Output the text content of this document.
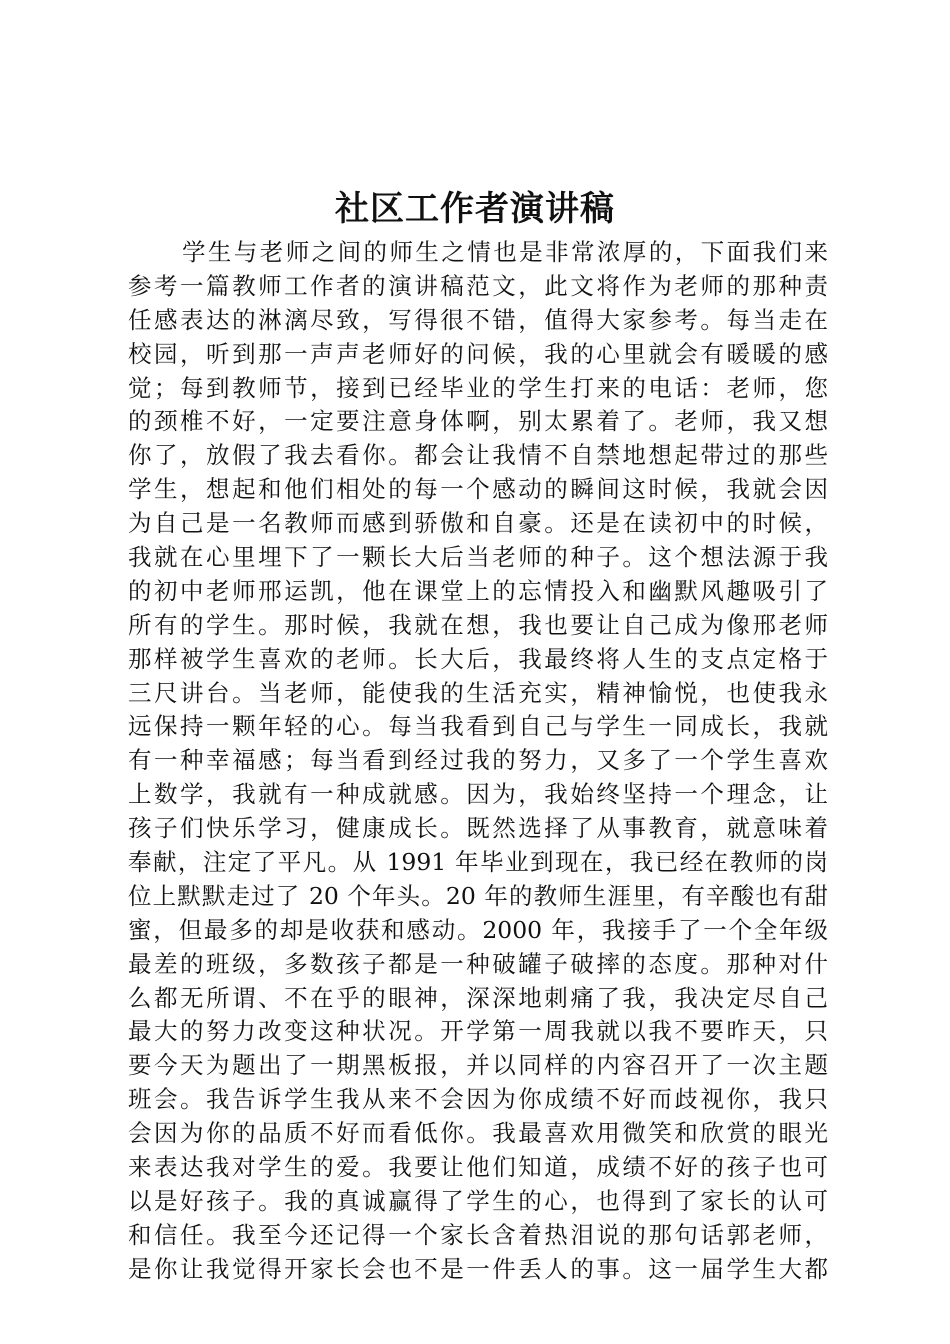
社区工作者演讲稿
学生与老师之间的师生之情也是非常浓厚的，下面我们来
参考一篇教师工作者的演讲稿范文，此文将作为老师的那种责
任感表达的淋漓尽致，写得很不错，值得大家参考。每当走在
校园，听到那一声声老师好的问候，我的心里就会有暖暖的感
觉；每到教师节，接到已经毕业的学生打来的电话：老师，您
的颈椎不好，一定要注意身体啊，别太累着了。老师，我又想
你了，放假了我去看你。都会让我情不自禁地想起带过的那些
学生，想起和他们相处的每一个感动的瞬间这时候，我就会因
为自己是一名教师而感到骄傲和自豪。还是在读初中的时候，
我就在心里埋下了一颗长大后当老师的种子。这个想法源于我
的初中老师邢运凯，他在课堂上的忘情投入和幽默风趣吸引了
所有的学生。那时候，我就在想，我也要让自己成为像邢老师
那样被学生喜欢的老师。长大后，我最终将人生的支点定格于
三尺讲台。当老师，能使我的生活充实，精神愉悦，也使我永
远保持一颗年轻的心。每当我看到自己与学生一同成长，我就
有一种幸福感；每当看到经过我的努力，又多了一个学生喜欢
上数学，我就有一种成就感。因为，我始终坚持一个理念，让
孩子们快乐学习，健康成长。既然选择了从事教育，就意味着
奉献，注定了平凡。从 1991 年毕业到现在，我已经在教师的岗
位上默默走过了 20 个年头。20 年的教师生涯里，有辛酸也有甜
蜜，但最多的却是收获和感动。2000 年，我接手了一个全年级
最差的班级，多数孩子都是一种破罐子破摔的态度。那种对什
么都无所谓、不在乎的眼神，深深地刺痛了我，我决定尽自己
最大的努力改变这种状况。开学第一周我就以我不要昨天，只
要今天为题出了一期黑板报，并以同样的内容召开了一次主题
班会。我告诉学生我从来不会因为你成绩不好而歧视你，我只
会因为你的品质不好而看低你。我最喜欢用微笑和欣赏的眼光
来表达我对学生的爱。我要让他们知道，成绩不好的孩子也可
以是好孩子。我的真诚赢得了学生的心，也得到了家长的认可
和信任。我至今还记得一个家长含着热泪说的那句话郭老师，
是你让我觉得开家长会也不是一件丢人的事。这一届学生大都
